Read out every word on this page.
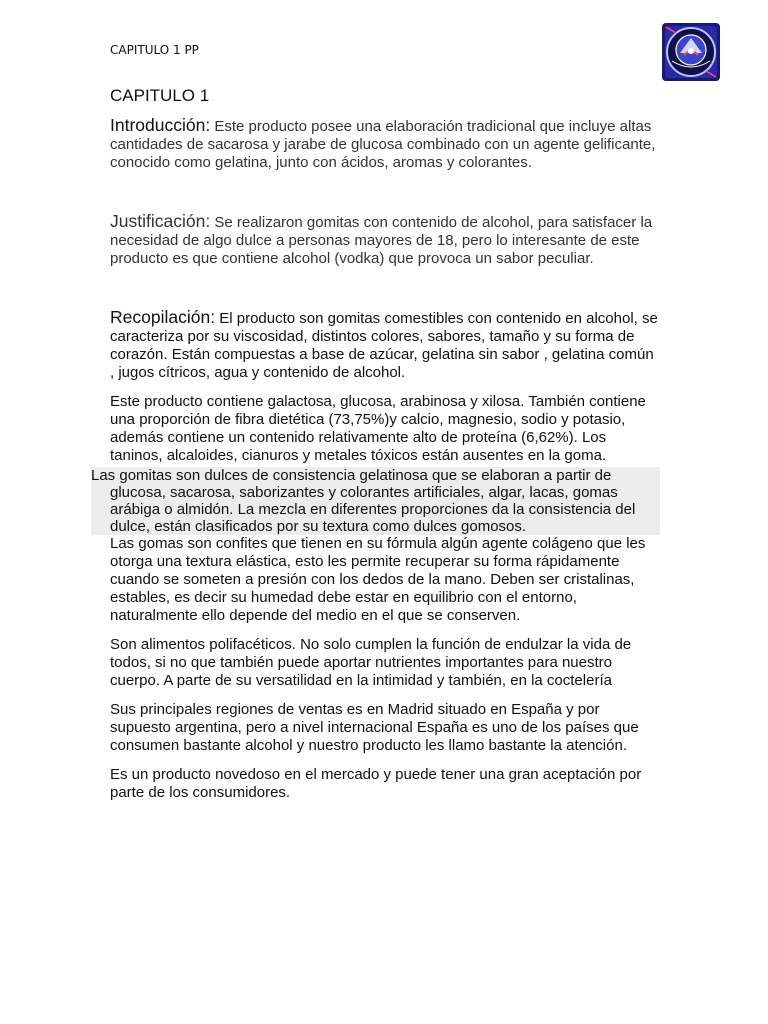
CAPITULO 1 PP
CAPITULO 1

Introducción: Este producto posee una elaboración tradicional que incluye altas cantidades de sacarosa y jarabe de glucosa combinado con un agente gelificante, conocido como gelatina, junto con ácidos, aromas y colorantes.

Justificación: Se realizaron gomitas con contenido de alcohol, para satisfacer la necesidad de algo dulce a personas mayores de 18, pero lo interesante de este producto es que contiene alcohol (vodka) que provoca un sabor peculiar.

Recopilación: El producto son gomitas comestibles con contenido en alcohol, se caracteriza por su viscosidad, distintos colores, sabores, tamaño y su forma de corazón. Están compuestas a base de azúcar, gelatina sin sabor , gelatina común , jugos cítricos, agua y contenido de alcohol.

Este producto contiene galactosa, glucosa, arabinosa y xilosa. También contiene una proporción de fibra dietética (73,75%)y calcio, magnesio, sodio y potasio, además contiene un contenido relativamente alto de proteína (6,62%). Los taninos, alcaloides, cianuros y metales tóxicos están ausentes en la goma.

Las gomitas son dulces de consistencia gelatinosa que se elaboran a partir de glucosa, sacarosa, saborizantes y colorantes artificiales, algar, lacas, gomas arábiga o almidón. La mezcla en diferentes proporciones da la consistencia del dulce, están clasificados por su textura como dulces gomosos.

Las gomas son confites que tienen en su fórmula algún agente colágeno que les otorga una textura elástica, esto les permite recuperar su forma rápidamente cuando se someten a presión con los dedos de la mano. Deben ser cristalinas, estables, es decir su humedad debe estar en equilibrio con el entorno, naturalmente ello depende del medio en el que se conserven.

Son alimentos polifacéticos. No solo cumplen la función de endulzar la vida de todos, si no que también puede aportar nutrientes importantes para nuestro cuerpo. A parte de su versatilidad en la intimidad y también, en la coctelería

Sus principales regiones de ventas es en Madrid situado en España y por supuesto argentina, pero a nivel internacional España es uno de los países que consumen bastante alcohol y nuestro producto les llamo bastante la atención.

Es un producto novedoso en el mercado y puede tener una gran aceptación por parte de los consumidores.
